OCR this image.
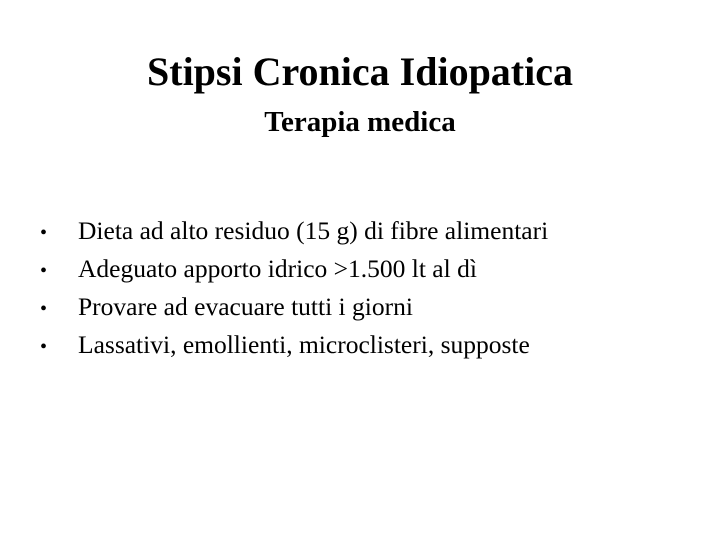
Stipsi Cronica Idiopatica
Terapia medica
•	Dieta ad alto residuo (15 g) di fibre alimentari
•	Adeguato apporto idrico >1.500 lt al dì
•	Provare ad evacuare tutti i giorni
•	Lassativi, emollienti, microclisteri, supposte
